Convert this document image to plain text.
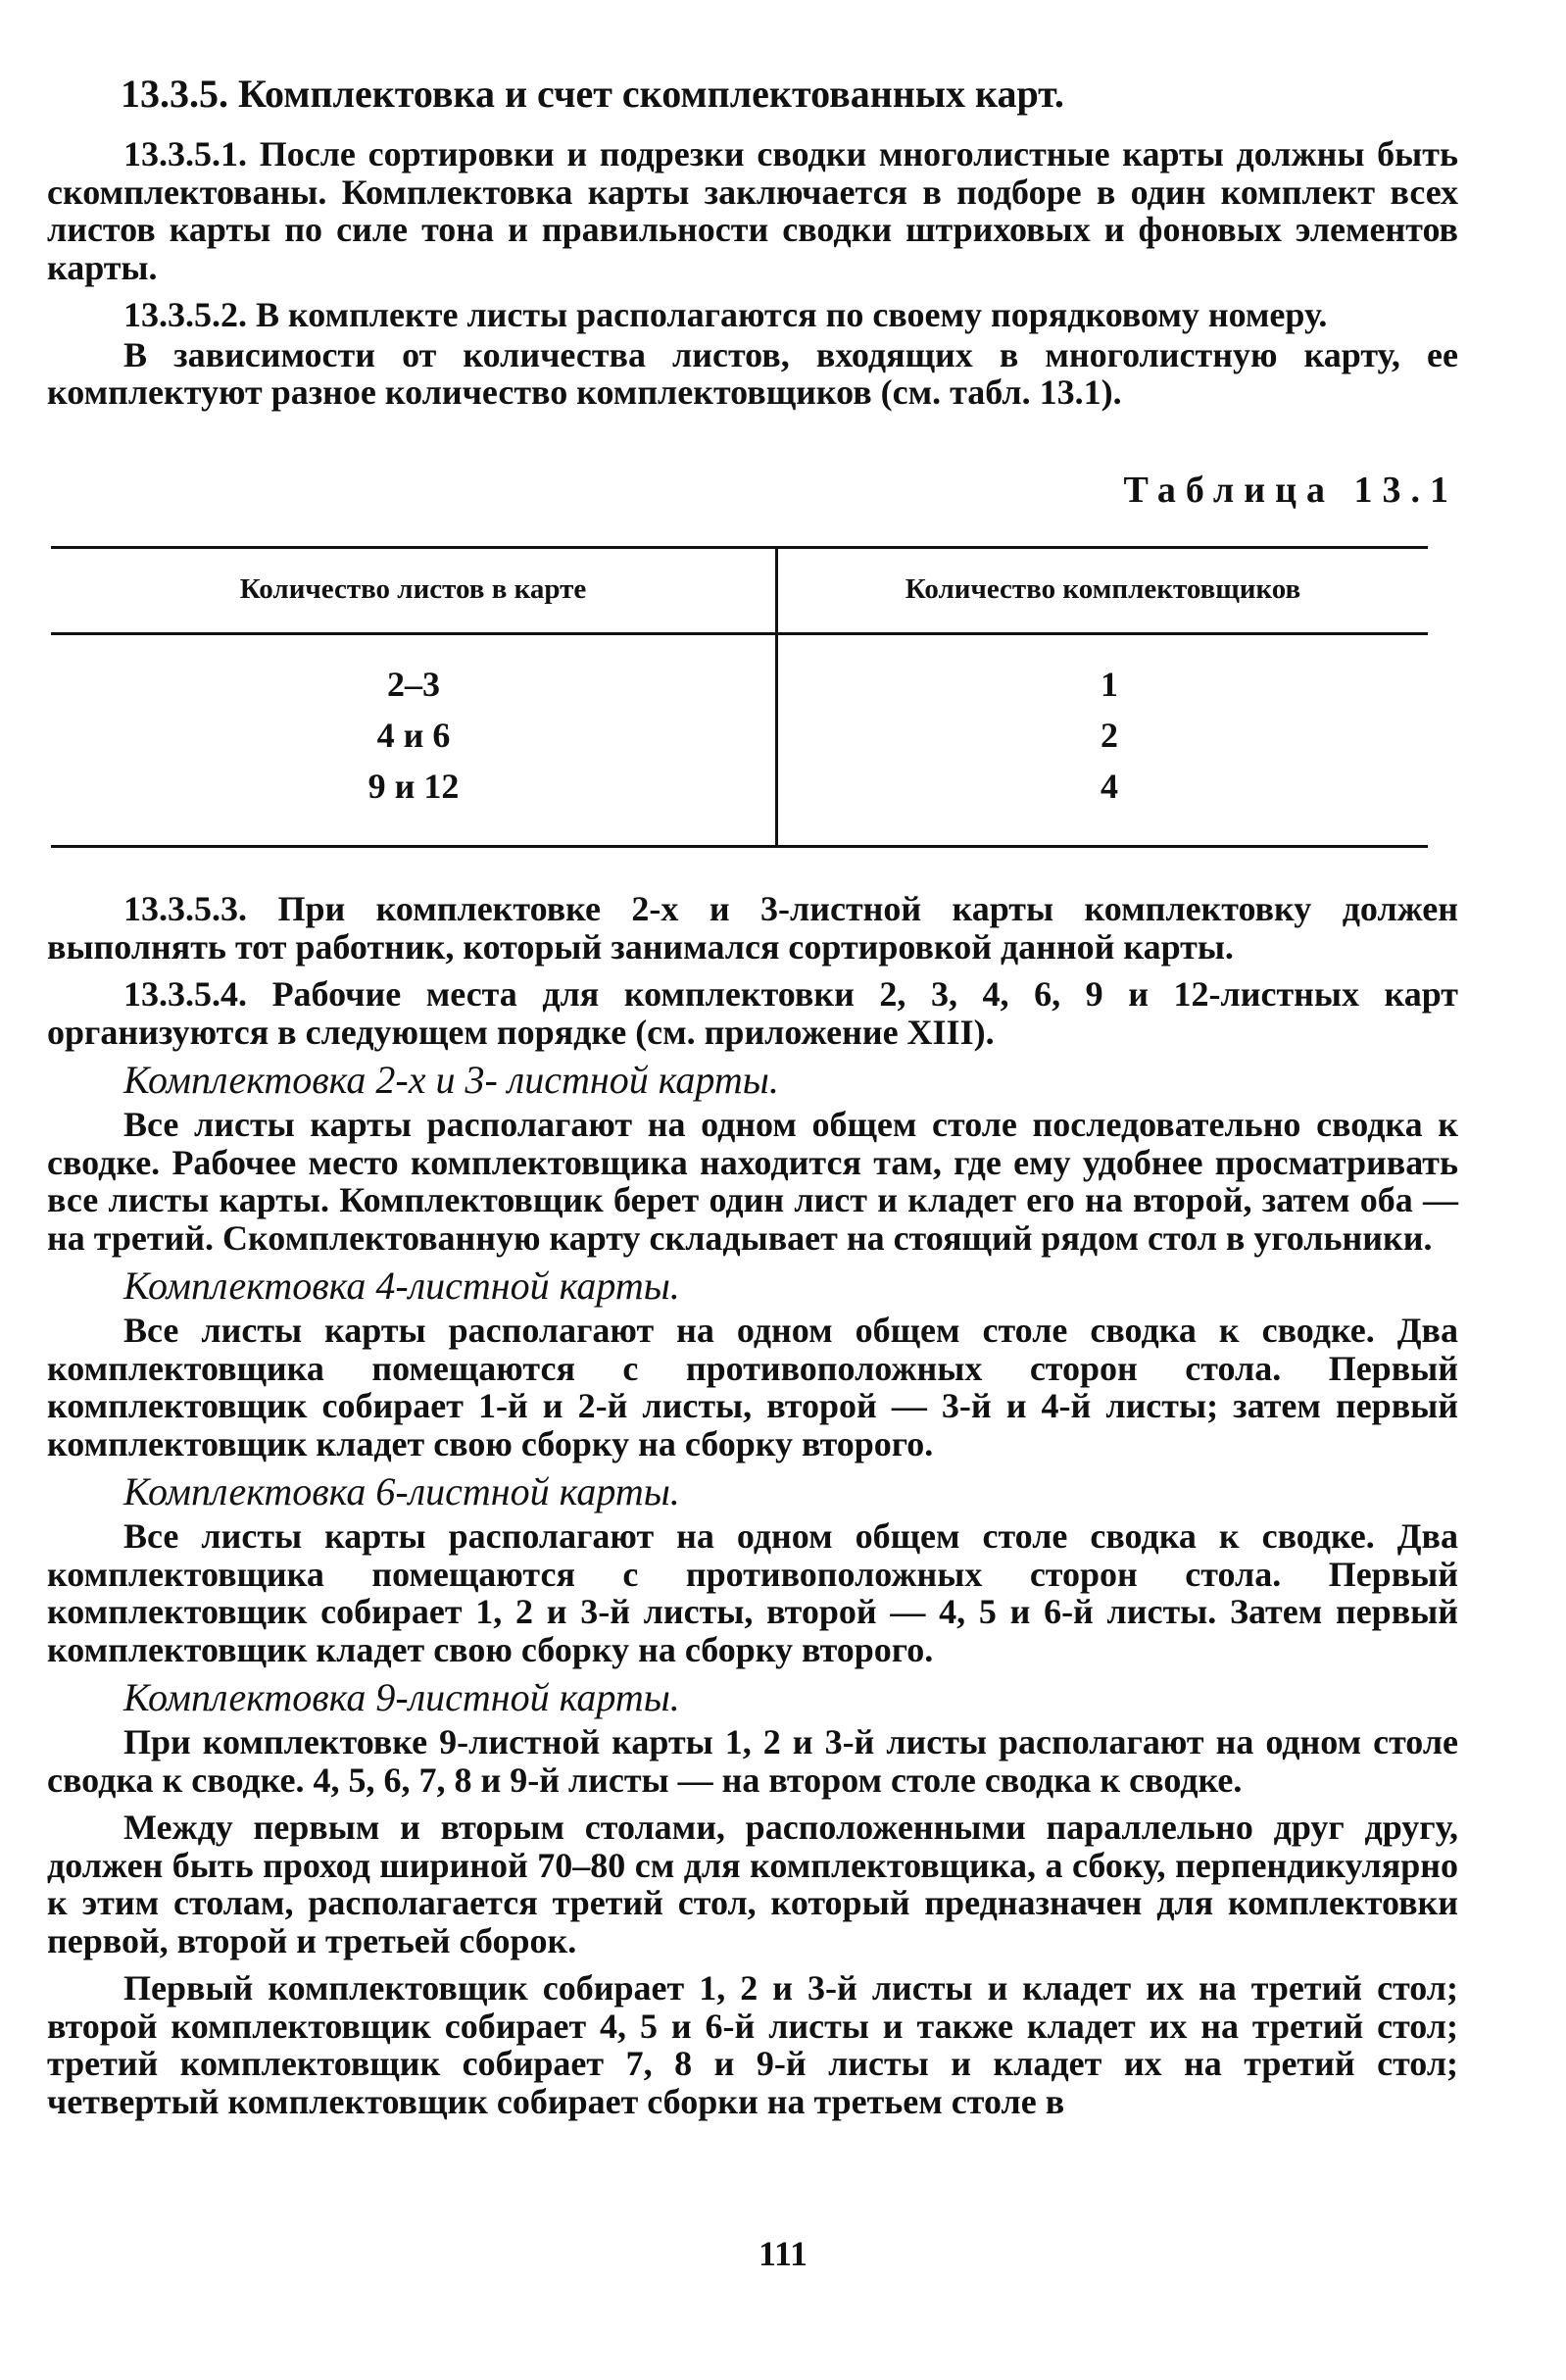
13.3.5. Комплектовка и счет скомплектованных карт.

13.3.5.1. После сортировки и подрезки сводки многолистные карты должны быть скомплектованы. Комплектовка карты заключается в подборе в один комплект всех листов карты по силе тона и правильности сводки штриховых и фоновых элементов карты.

13.3.5.2. В комплекте листы располагаются по своему порядковому номеру.

В зависимости от количества листов, входящих в многолистную карту, ее комплектуют разное количество комплектовщиков (см. табл. 13.1).

Таблица 13.1
Количество листов в карте	Количество комплектовщиков
2–3	1
4 и 6	2
9 и 12	4

13.3.5.3. При комплектовке 2-х и 3-листной карты комплектовку должен выполнять тот работник, который занимался сортировкой данной карты.

13.3.5.4. Рабочие места для комплектовки 2, 3, 4, 6, 9 и 12-листных карт организуются в следующем порядке (см. приложение XIII).

Комплектовка 2-х и 3- листной карты.

Все листы карты располагают на одном общем столе последовательно сводка к сводке. Рабочее место комплектовщика находится там, где ему удобнее просматривать все листы карты. Комплектовщик берет один лист и кладет его на второй, затем оба — на третий. Скомплектованную карту складывает на стоящий рядом стол в угольники.

Комплектовка 4-листной карты.

Все листы карты располагают на одном общем столе сводка к сводке. Два комплектовщика помещаются с противоположных сторон стола. Первый комплектовщик собирает 1-й и 2-й листы, второй — 3-й и 4-й листы; затем первый комплектовщик кладет свою сборку на сборку второго.

Комплектовка 6-листной карты.

Все листы карты располагают на одном общем столе сводка к сводке. Два комплектовщика помещаются с противоположных сторон стола. Первый комплектовщик собирает 1, 2 и 3-й листы, второй — 4, 5 и 6-й листы. Затем первый комплектовщик кладет свою сборку на сборку второго.

Комплектовка 9-листной карты.

При комплектовке 9-листной карты 1, 2 и 3-й листы располагают на одном столе сводка к сводке. 4, 5, 6, 7, 8 и 9-й листы — на втором столе сводка к сводке.

Между первым и вторым столами, расположенными параллельно друг другу, должен быть проход шириной 70–80 см для комплектовщика, а сбоку, перпендикулярно к этим столам, располагается третий стол, который предназначен для комплектовки первой, второй и третьей сборок.

Первый комплектовщик собирает 1, 2 и 3-й листы и кладет их на третий стол; второй комплектовщик собирает 4, 5 и 6-й листы и также кладет их на третий стол; третий комплектовщик собирает 7, 8 и 9-й листы и кладет их на третий стол; четвертый комплектовщик собирает сборки на третьем столе в

111
